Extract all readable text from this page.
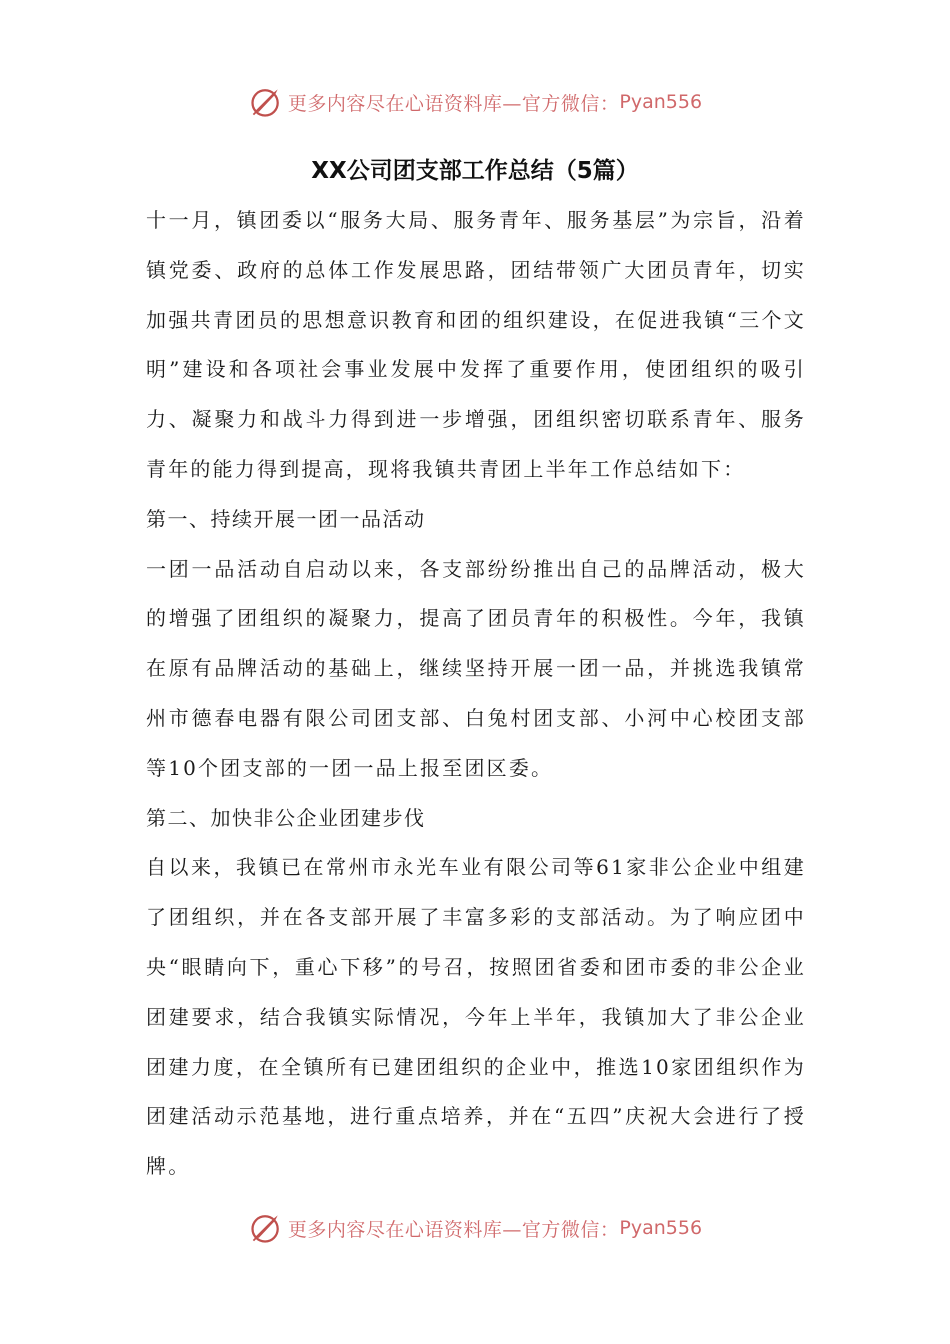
更多内容尽在心语资料库—官方微信： Pyan556
XX公司团支部工作总结（5篇）

十一月，镇团委以“服务大局、服务青年、服务基层”为宗旨，沿着镇党委、政府的总体工作发展思路，团结带领广大团员青年，切实加强共青团员的思想意识教育和团的组织建设，在促进我镇“三个文明”建设和各项社会事业发展中发挥了重要作用，使团组织的吸引力、凝聚力和战斗力得到进一步增强，团组织密切联系青年、服务青年的能力得到提高，现将我镇共青团上半年工作总结如下：

第一、持续开展一团一品活动

一团一品活动自启动以来，各支部纷纷推出自己的品牌活动，极大的增强了团组织的凝聚力，提高了团员青年的积极性。今年，我镇在原有品牌活动的基础上，继续坚持开展一团一品，并挑选我镇常州市德春电器有限公司团支部、白兔村团支部、小河中心校团支部等10个团支部的一团一品上报至团区委。

第二、加快非公企业团建步伐

自以来，我镇已在常州市永光车业有限公司等61家非公企业中组建了团组织，并在各支部开展了丰富多彩的支部活动。为了响应团中央“眼睛向下，重心下移”的号召，按照团省委和团市委的非公企业团建要求，结合我镇实际情况，今年上半年，我镇加大了非公企业团建力度，在全镇所有已建团组织的企业中，推选10家团组织作为团建活动示范基地，进行重点培养，并在“五四”庆祝大会进行了授牌。

更多内容尽在心语资料库—官方微信： Pyan556
